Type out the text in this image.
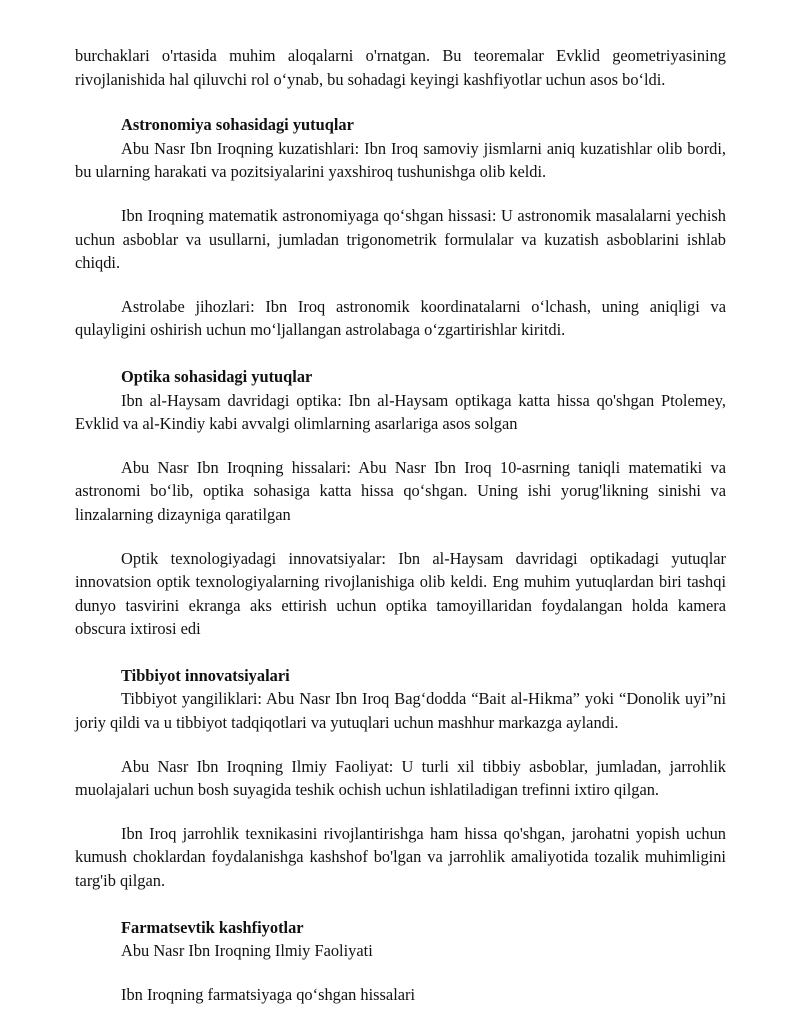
burchaklari o'rtasida muhim aloqalarni o'rnatgan. Bu teoremalar Evklid geometriyasining rivojlanishida hal qiluvchi rol o‘ynab, bu sohadagi keyingi kashfiyotlar uchun asos bo‘ldi.

Astronomiya sohasidagi yutuqlar

Abu Nasr Ibn Iroqning kuzatishlari: Ibn Iroq samoviy jismlarni aniq kuzatishlar olib bordi, bu ularning harakati va pozitsiyalarini yaxshiroq tushunishga olib keldi.

Ibn Iroqning matematik astronomiyaga qo‘shgan hissasi: U astronomik masalalarni yechish uchun asboblar va usullarni, jumladan trigonometrik formulalar va kuzatish asboblarini ishlab chiqdi.

Astrolabe jihozlari: Ibn Iroq astronomik koordinatalarni o‘lchash, uning aniqligi va qulayligini oshirish uchun mo‘ljallangan astrolabaga o‘zgartirishlar kiritdi.

Optika sohasidagi yutuqlar

Ibn al-Haysam davridagi optika: Ibn al-Haysam optikaga katta hissa qo'shgan Ptolemey, Evklid va al-Kindiy kabi avvalgi olimlarning asarlariga asos solgan

Abu Nasr Ibn Iroqning hissalari: Abu Nasr Ibn Iroq 10-asrning taniqli matematiki va astronomi bo‘lib, optika sohasiga katta hissa qo‘shgan. Uning ishi yorug'likning sinishi va linzalarning dizayniga qaratilgan

Optik texnologiyadagi innovatsiyalar: Ibn al-Haysam davridagi optikadagi yutuqlar innovatsion optik texnologiyalarning rivojlanishiga olib keldi. Eng muhim yutuqlardan biri tashqi dunyo tasvirini ekranga aks ettirish uchun optika tamoyillaridan foydalangan holda kamera obscura ixtirosi edi

Tibbiyot innovatsiyalari

Tibbiyot yangiliklari: Abu Nasr Ibn Iroq Bag‘dodda “Bait al-Hikma” yoki “Donolik uyi”ni joriy qildi va u tibbiyot tadqiqotlari va yutuqlari uchun mashhur markazga aylandi.

Abu Nasr Ibn Iroqning Ilmiy Faoliyat: U turli xil tibbiy asboblar, jumladan, jarrohlik muolajalari uchun bosh suyagida teshik ochish uchun ishlatiladigan trefinni ixtiro qilgan.

Ibn Iroq jarrohlik texnikasini rivojlantirishga ham hissa qo'shgan, jarohatni yopish uchun kumush choklardan foydalanishga kashshof bo'lgan va jarrohlik amaliyotida tozalik muhimligini targ'ib qilgan.

Farmatsevtik kashfiyotlar

Abu Nasr Ibn Iroqning Ilmiy Faoliyati

Ibn Iroqning farmatsiyaga qo‘shgan hissalari
